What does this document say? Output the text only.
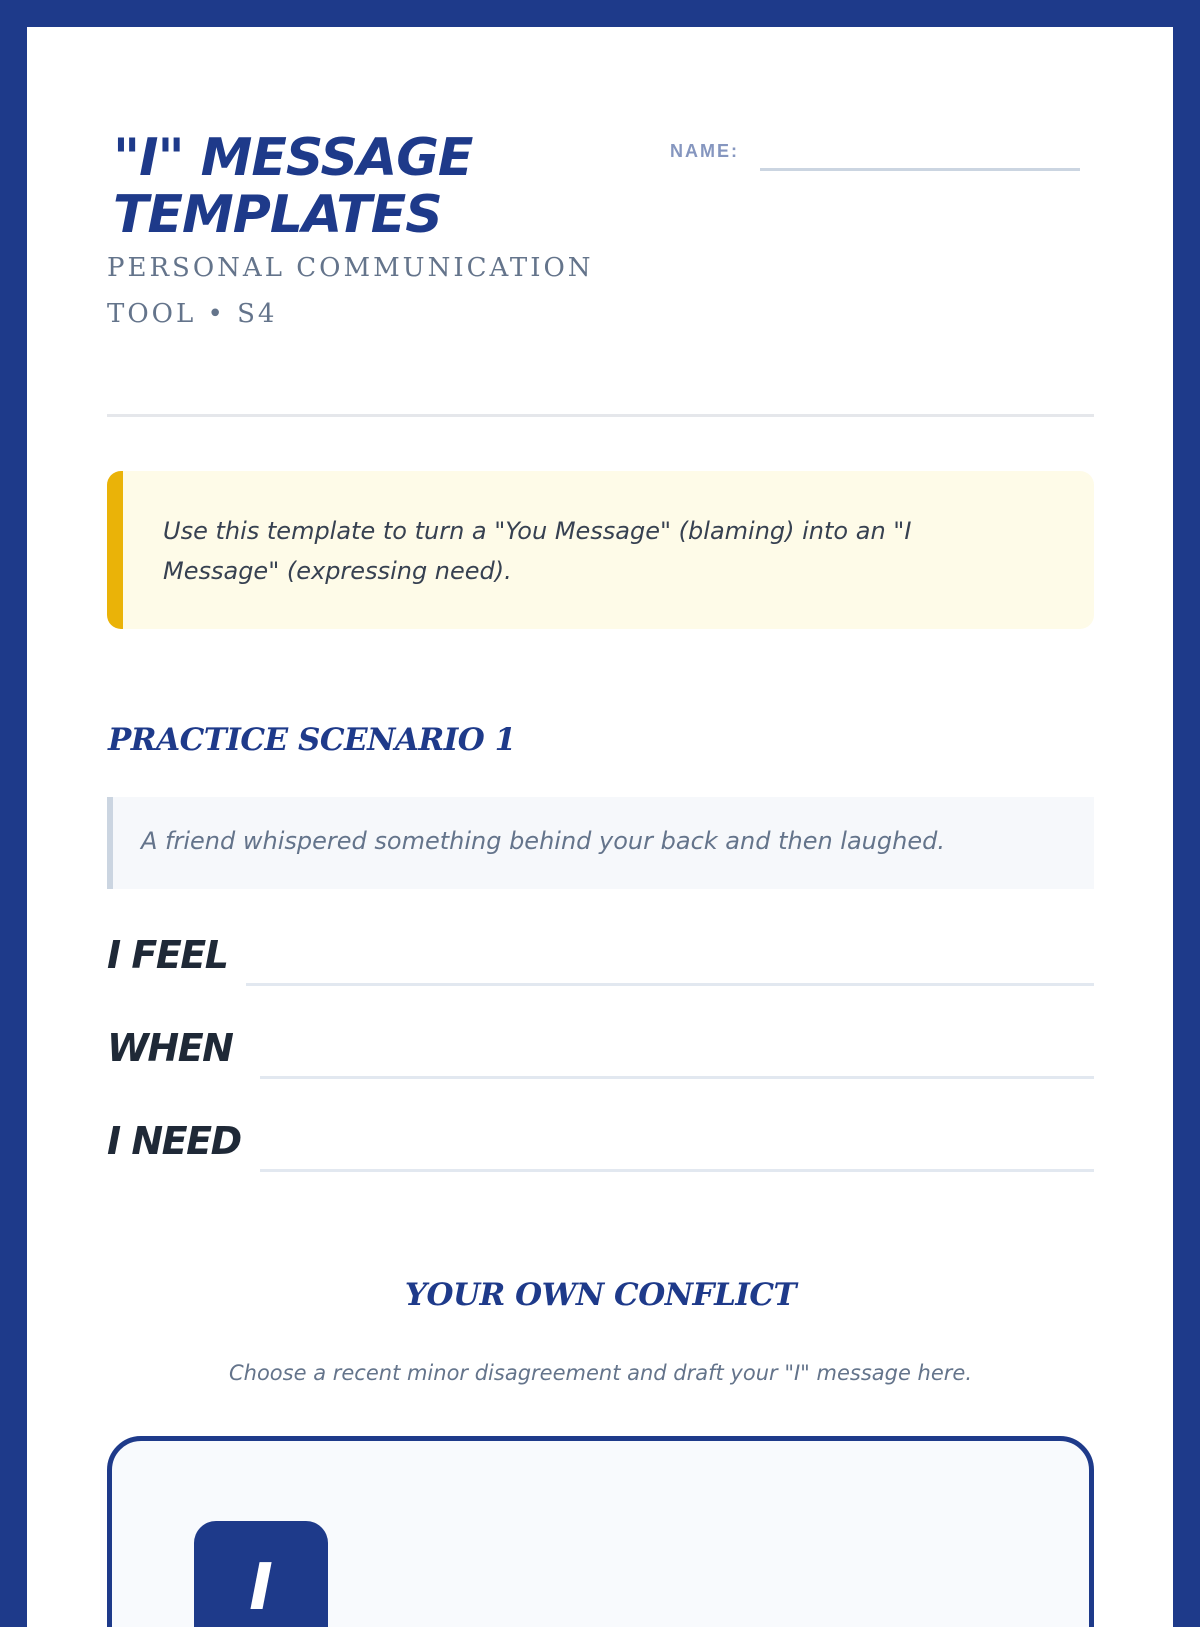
"I" MESSAGE TEMPLATES

PERSONAL COMMUNICATION TOOL • S4

NAME:

Use this template to turn a "You Message" (blaming) into an "I Message" (expressing need).

PRACTICE SCENARIO 1
A friend whispered something behind your back and then laughed.
I FEEL
WHEN
I NEED
YOUR OWN CONFLICT

Choose a recent minor disagreement and draft your "I" message here.

I
